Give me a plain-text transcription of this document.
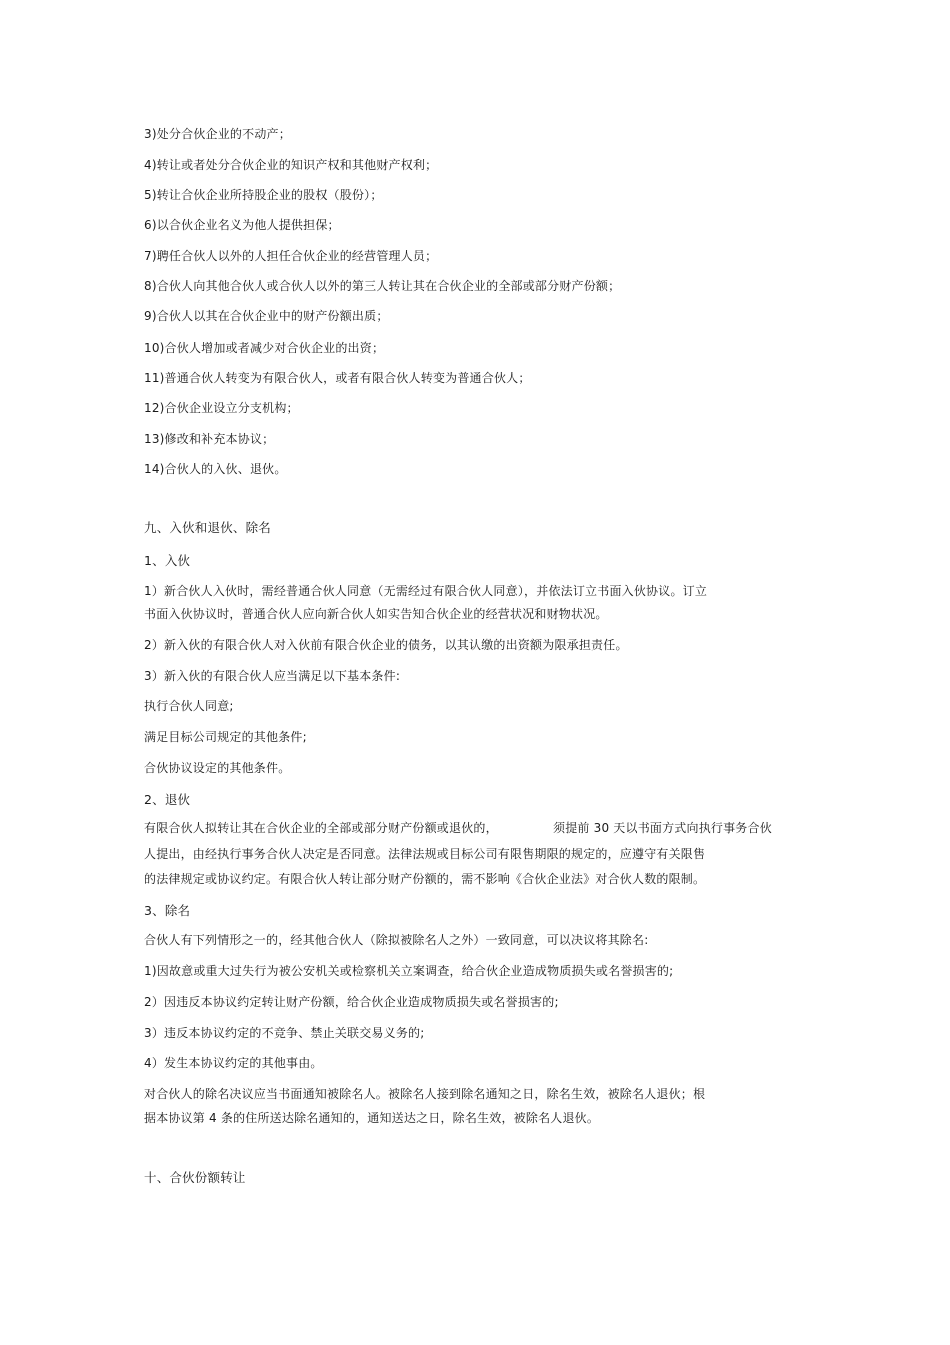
3)处分合伙企业的不动产；
4)转让或者处分合伙企业的知识产权和其他财产权利；
5)转让合伙企业所持股企业的股权（股份）；
6)以合伙企业名义为他人提供担保；
7)聘任合伙人以外的人担任合伙企业的经营管理人员；
8)合伙人向其他合伙人或合伙人以外的第三人转让其在合伙企业的全部或部分财产份额；
9)合伙人以其在合伙企业中的财产份额出质；
10)合伙人增加或者减少对合伙企业的出资；
11)普通合伙人转变为有限合伙人，或者有限合伙人转变为普通合伙人；
12)合伙企业设立分支机构；
13)修改和补充本协议；
14)合伙人的入伙、退伙。
九、入伙和退伙、除名
1、入伙
1）新合伙人入伙时，需经普通合伙人同意（无需经过有限合伙人同意），并依法订立书面入伙协议。订立
书面入伙协议时，普通合伙人应向新合伙人如实告知合伙企业的经营状况和财物状况。
2）新入伙的有限合伙人对入伙前有限合伙企业的债务，以其认缴的出资额为限承担责任。
3）新入伙的有限合伙人应当满足以下基本条件:
执行合伙人同意;
满足目标公司规定的其他条件;
合伙协议设定的其他条件。
2、退伙
有限合伙人拟转让其在合伙企业的全部或部分财产份额或退伙的，	须提前 30 天以书面方式向执行事务合伙
人提出，由经执行事务合伙人决定是否同意。法律法规或目标公司有限售期限的规定的，应遵守有关限售
的法律规定或协议约定。有限合伙人转让部分财产份额的，需不影响《合伙企业法》对合伙人数的限制。
3、除名
合伙人有下列情形之一的，经其他合伙人（除拟被除名人之外）一致同意，可以决议将其除名:
1)因故意或重大过失行为被公安机关或检察机关立案调查，给合伙企业造成物质损失或名誉损害的;
2）因违反本协议约定转让财产份额，给合伙企业造成物质损失或名誉损害的;
3）违反本协议约定的不竞争、禁止关联交易义务的;
4）发生本协议约定的其他事由。
对合伙人的除名决议应当书面通知被除名人。被除名人接到除名通知之日，除名生效，被除名人退伙；根
据本协议第 4 条的住所送达除名通知的，通知送达之日，除名生效，被除名人退伙。
十、合伙份额转让
